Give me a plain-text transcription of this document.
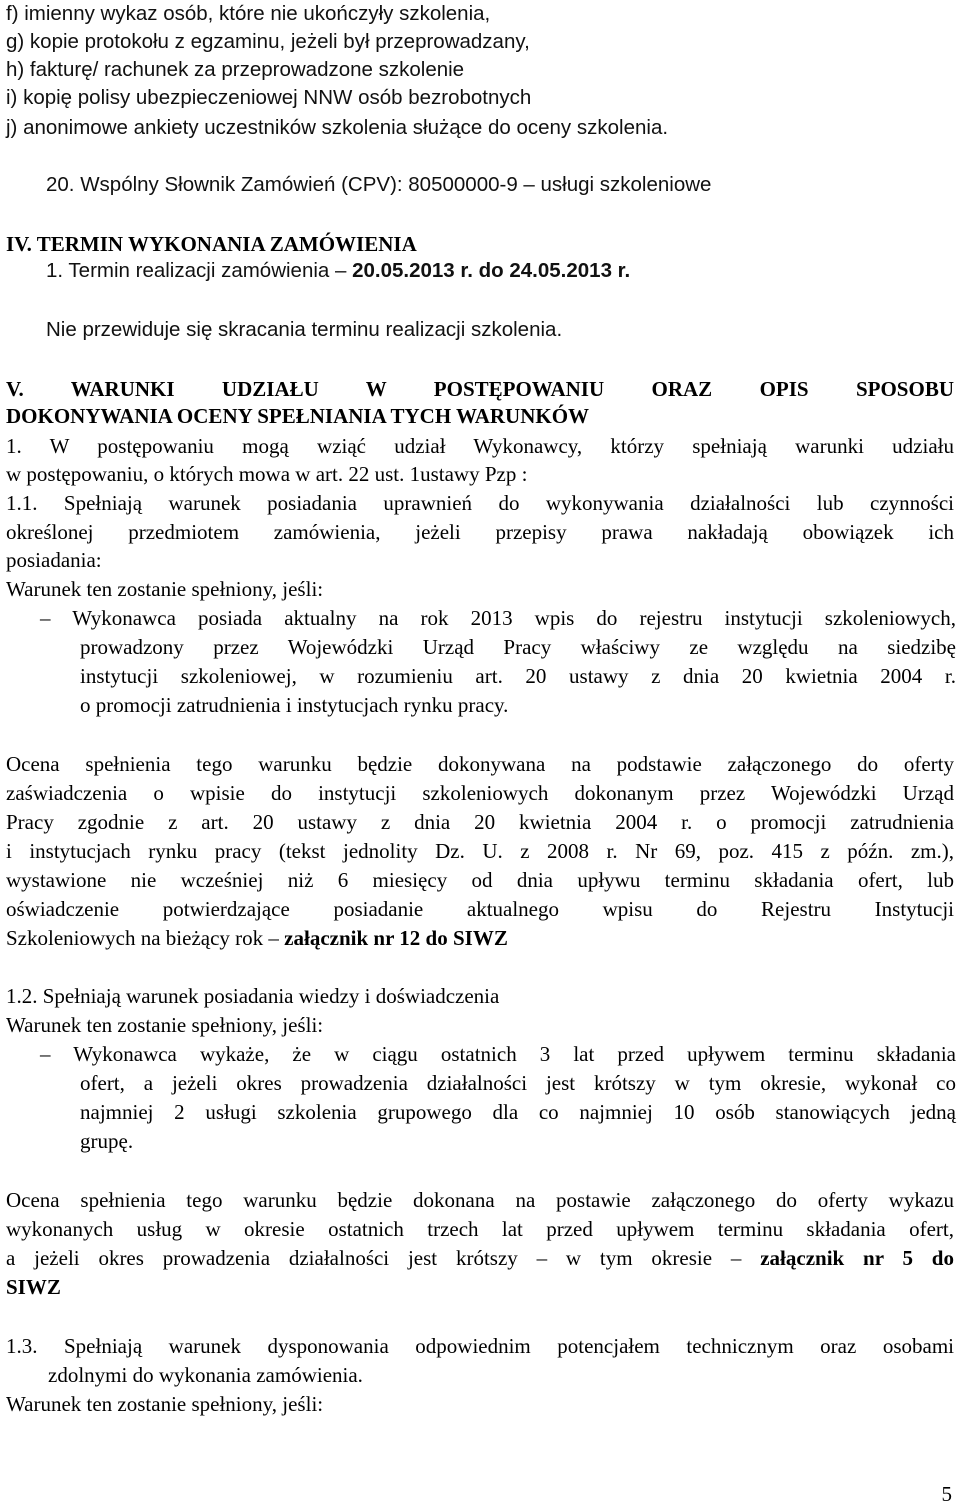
f) imienny wykaz osób, które nie ukończyły szkolenia,
g) kopie protokołu z egzaminu, jeżeli był przeprowadzany,
h) fakturę/ rachunek za przeprowadzone szkolenie
i) kopię polisy ubezpieczeniowej NNW osób bezrobotnych
j) anonimowe ankiety uczestników szkolenia służące do oceny szkolenia.
20. Wspólny Słownik Zamówień (CPV): 80500000-9 – usługi szkoleniowe
IV. TERMIN WYKONANIA ZAMÓWIENIA
1. Termin realizacji zamówienia – 20.05.2013 r. do 24.05.2013 r.
Nie przewiduje się skracania terminu realizacji szkolenia.
V. WARUNKI UDZIAŁU W POSTĘPOWANIU ORAZ OPIS SPOSOBU
DOKONYWANIA OCENY SPEŁNIANIA TYCH WARUNKÓW
1. W postępowaniu mogą wziąć udział Wykonawcy, którzy spełniają warunki udziału
w postępowaniu, o których mowa w art. 22 ust. 1ustawy Pzp :
1.1. Spełniają warunek posiadania uprawnień do wykonywania działalności lub czynności
określonej przedmiotem zamówienia, jeżeli przepisy prawa nakładają obowiązek ich
posiadania:
Warunek ten zostanie spełniony, jeśli:
– Wykonawca posiada aktualny na rok 2013 wpis do rejestru instytucji szkoleniowych,
prowadzony przez Wojewódzki Urząd Pracy właściwy ze względu na siedzibę
instytucji szkoleniowej, w rozumieniu art. 20 ustawy z dnia 20 kwietnia 2004 r.
o promocji zatrudnienia i instytucjach rynku pracy.
Ocena spełnienia tego warunku będzie dokonywana na podstawie załączonego do oferty
zaświadczenia o wpisie do instytucji szkoleniowych dokonanym przez Wojewódzki Urząd
Pracy zgodnie z art. 20 ustawy z dnia 20 kwietnia 2004 r. o promocji zatrudnienia
i instytucjach rynku pracy (tekst jednolity Dz. U. z 2008 r. Nr 69, poz. 415 z późn. zm.),
wystawione nie wcześniej niż 6 miesięcy od dnia upływu terminu składania ofert, lub
oświadczenie potwierdzające posiadanie aktualnego wpisu do Rejestru Instytucji
Szkoleniowych na bieżący rok – załącznik nr 12 do SIWZ
1.2. Spełniają warunek posiadania wiedzy i doświadczenia
Warunek ten zostanie spełniony, jeśli:
– Wykonawca wykaże, że w ciągu ostatnich 3 lat przed upływem terminu składania
ofert, a jeżeli okres prowadzenia działalności jest krótszy w tym okresie, wykonał co
najmniej 2 usługi szkolenia grupowego dla co najmniej 10 osób stanowiących jedną
grupę.
Ocena spełnienia tego warunku będzie dokonana na postawie załączonego do oferty wykazu
wykonanych usług w okresie ostatnich trzech lat przed upływem terminu składania ofert,
a jeżeli okres prowadzenia działalności jest krótszy – w tym okresie – załącznik nr 5 do
SIWZ
1.3. Spełniają warunek dysponowania odpowiednim potencjałem technicznym oraz osobami
zdolnymi do wykonania zamówienia.
Warunek ten zostanie spełniony, jeśli:
5
